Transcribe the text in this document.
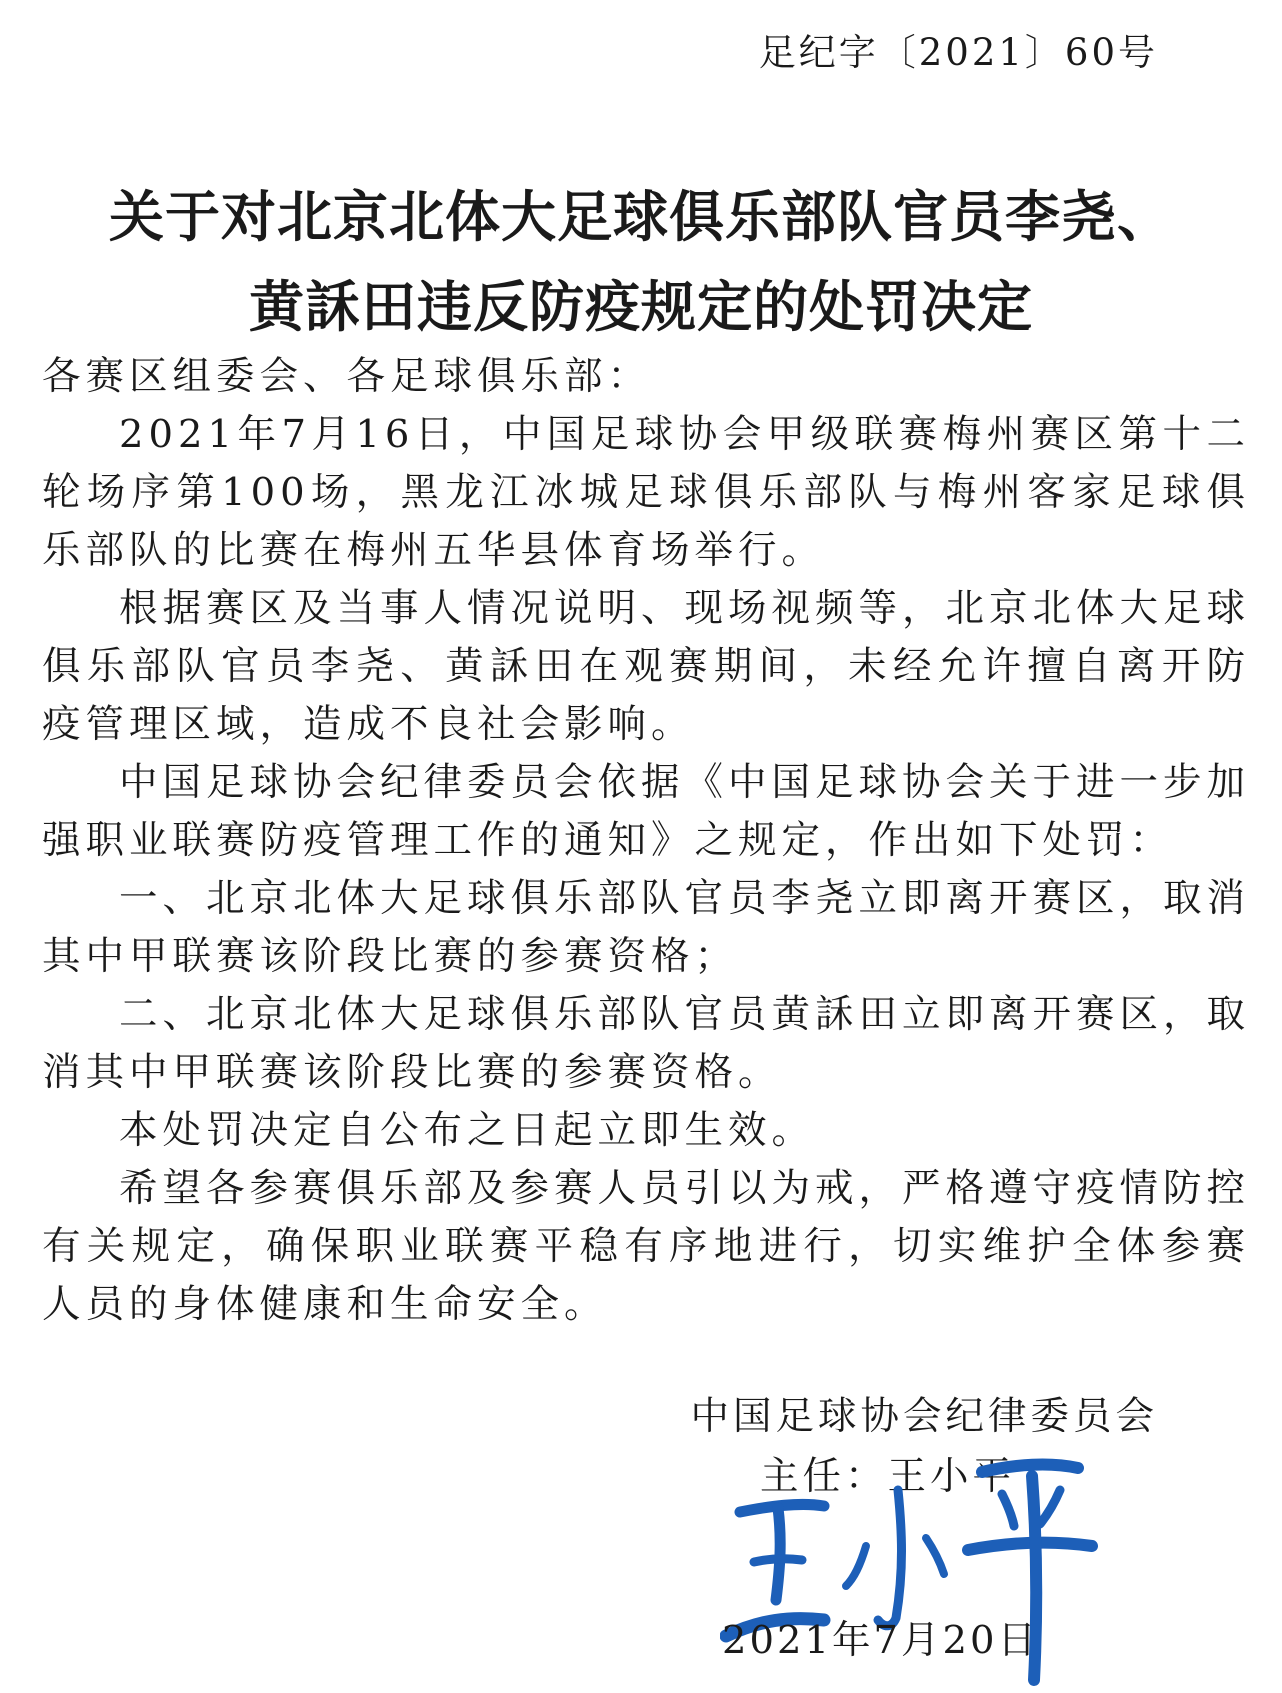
足纪字〔2021〕60号
关于对北京北体大足球俱乐部队官员李尧、
黄訸田违反防疫规定的处罚决定

各赛区组委会、各足球俱乐部：

2021年7月16日，中国足球协会甲级联赛梅州赛区第十二轮场序第100场，黑龙江冰城足球俱乐部队与梅州客家足球俱乐部队的比赛在梅州五华县体育场举行。

根据赛区及当事人情况说明、现场视频等，北京北体大足球俱乐部队官员李尧、黄訸田在观赛期间，未经允许擅自离开防疫管理区域，造成不良社会影响。

中国足球协会纪律委员会依据《中国足球协会关于进一步加强职业联赛防疫管理工作的通知》之规定，作出如下处罚：

一、北京北体大足球俱乐部队官员李尧立即离开赛区，取消其中甲联赛该阶段比赛的参赛资格；

二、北京北体大足球俱乐部队官员黄訸田立即离开赛区，取消其中甲联赛该阶段比赛的参赛资格。

本处罚决定自公布之日起立即生效。

希望各参赛俱乐部及参赛人员引以为戒，严格遵守疫情防控有关规定，确保职业联赛平稳有序地进行，切实维护全体参赛人员的身体健康和生命安全。

中国足球协会纪律委员会
主任：王小平
2021年7月20日
